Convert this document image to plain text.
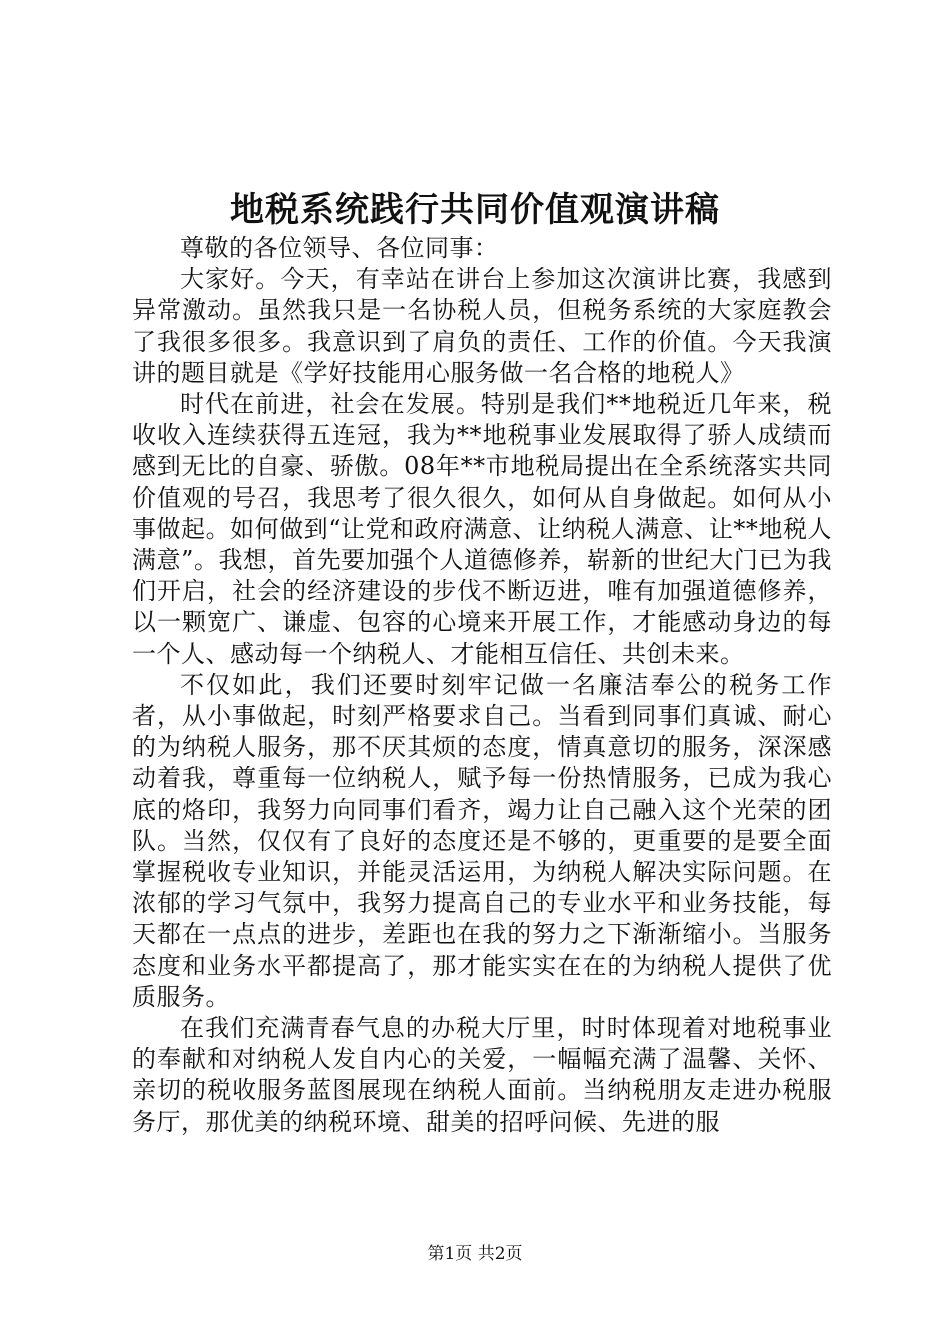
地税系统践行共同价值观演讲稿

尊敬的各位领导、各位同事：

大家好。今天，有幸站在讲台上参加这次演讲比赛，我感到异常激动。虽然我只是一名协税人员，但税务系统的大家庭教会了我很多很多。我意识到了肩负的责任、工作的价值。今天我演讲的题目就是《学好技能用心服务做一名合格的地税人》

时代在前进，社会在发展。特别是我们**地税近几年来，税收收入连续获得五连冠，我为**地税事业发展取得了骄人成绩而感到无比的自豪、骄傲。08年**市地税局提出在全系统落实共同价值观的号召，我思考了很久很久，如何从自身做起。如何从小事做起。如何做到“让党和政府满意、让纳税人满意、让**地税人满意”。我想，首先要加强个人道德修养，崭新的世纪大门已为我们开启，社会的经济建设的步伐不断迈进，唯有加强道德修养，以一颗宽广、谦虚、包容的心境来开展工作，才能感动身边的每一个人、感动每一个纳税人、才能相互信任、共创未来。

不仅如此，我们还要时刻牢记做一名廉洁奉公的税务工作者，从小事做起，时刻严格要求自己。当看到同事们真诚、耐心的为纳税人服务，那不厌其烦的态度，情真意切的服务，深深感动着我，尊重每一位纳税人，赋予每一份热情服务，已成为我心底的烙印，我努力向同事们看齐，竭力让自己融入这个光荣的团队。当然，仅仅有了良好的态度还是不够的，更重要的是要全面掌握税收专业知识，并能灵活运用，为纳税人解决实际问题。在浓郁的学习气氛中，我努力提高自己的专业水平和业务技能，每天都在一点点的进步，差距也在我的努力之下渐渐缩小。当服务态度和业务水平都提高了，那才能实实在在的为纳税人提供了优质服务。

在我们充满青春气息的办税大厅里，时时体现着对地税事业的奉献和对纳税人发自内心的关爱，一幅幅充满了温馨、关怀、亲切的税收服务蓝图展现在纳税人面前。当纳税朋友走进办税服务厅，那优美的纳税环境、甜美的招呼问候、先进的服

第1页 共2页
